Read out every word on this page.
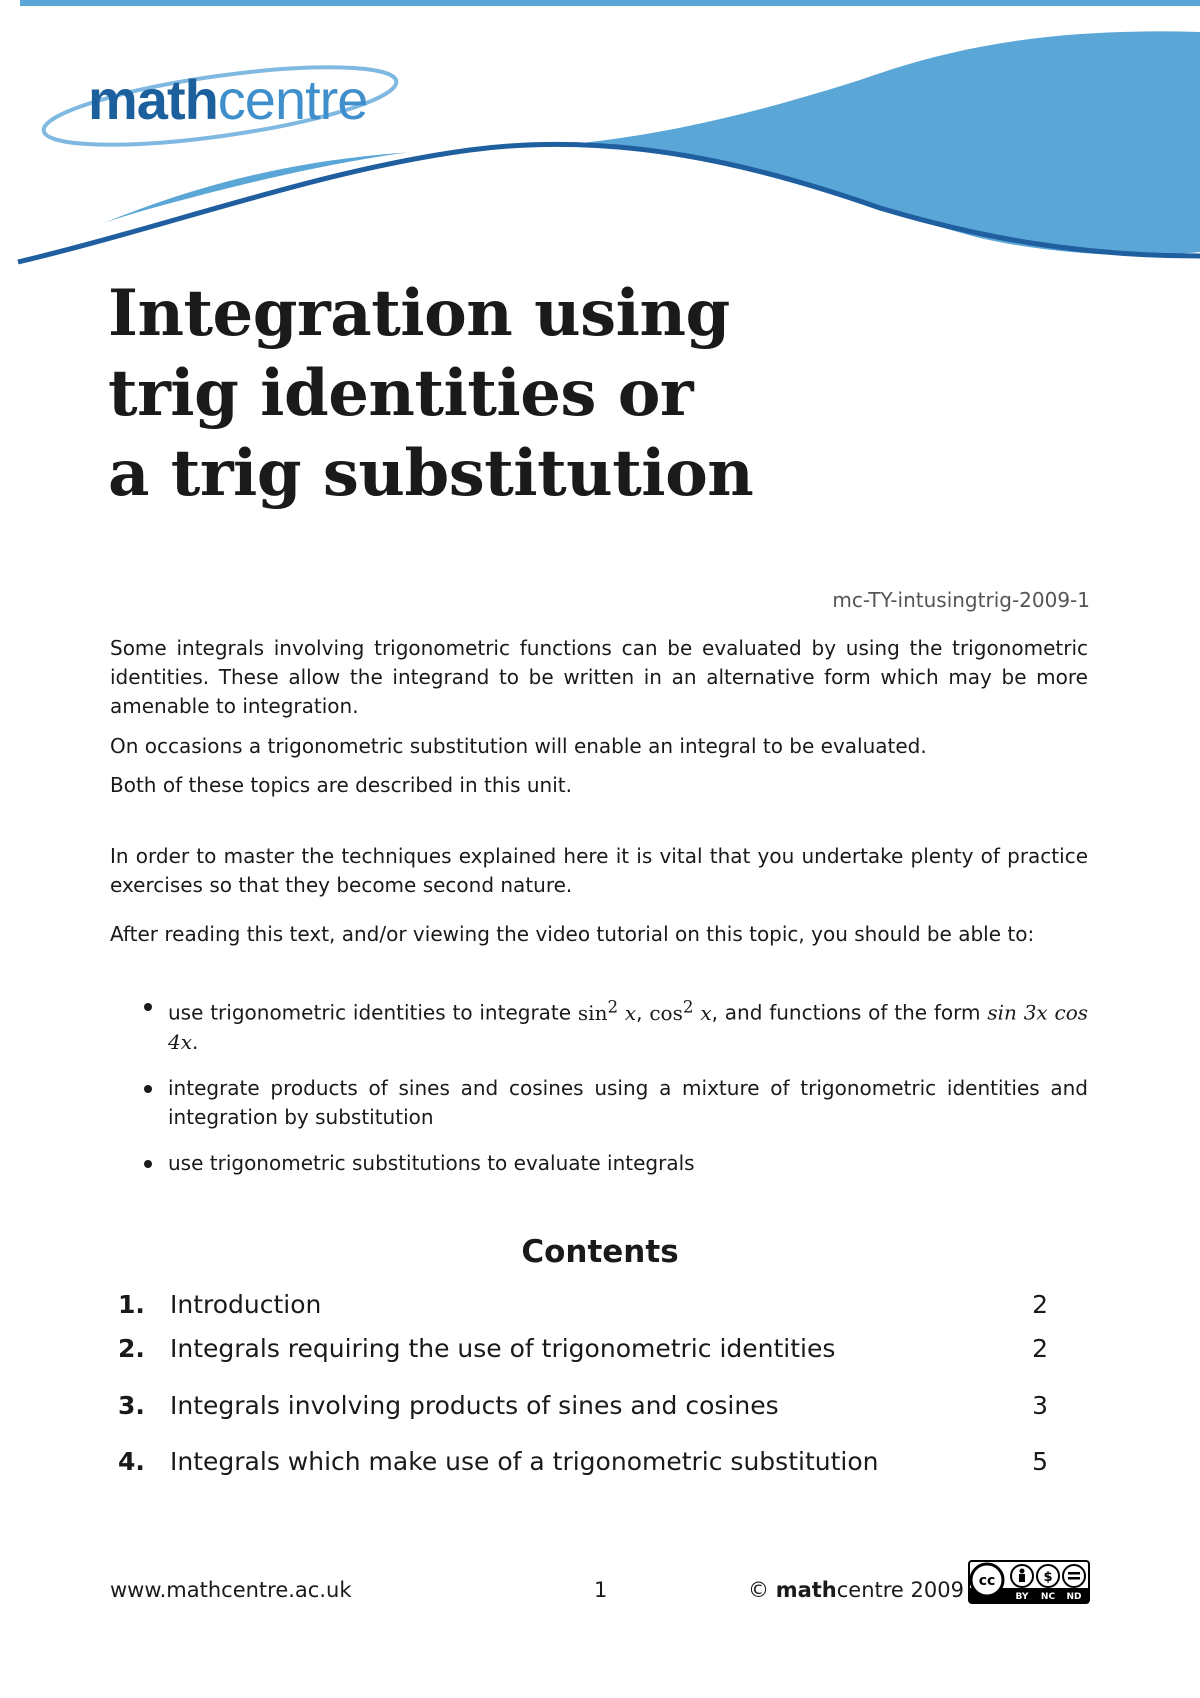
mathcentre
Integration using
trig identities or
a trig substitution
mc-TY-intusingtrig-2009-1

Some integrals involving trigonometric functions can be evaluated by using the trigonometric identities. These allow the integrand to be written in an alternative form which may be more amenable to integration.

On occasions a trigonometric substitution will enable an integral to be evaluated.

Both of these topics are described in this unit.

In order to master the techniques explained here it is vital that you undertake plenty of practice exercises so that they become second nature.

After reading this text, and/or viewing the video tutorial on this topic, you should be able to:

use trigonometric identities to integrate $\sin^2 x$, $\cos^2 x$, and functions of the form sin 3x cos 4x.
integrate products of sines and cosines using a mixture of trigonometric identities and integration by substitution
use trigonometric substitutions to evaluate integrals
Contents
1. Introduction	2
2. Integrals requiring the use of trigonometric identities	2
3. Integrals involving products of sines and cosines	3
4. Integrals which make use of a trigonometric substitution	5
www.mathcentre.ac.uk	1	© mathcentre 2009 cc	$
BY NC ND
